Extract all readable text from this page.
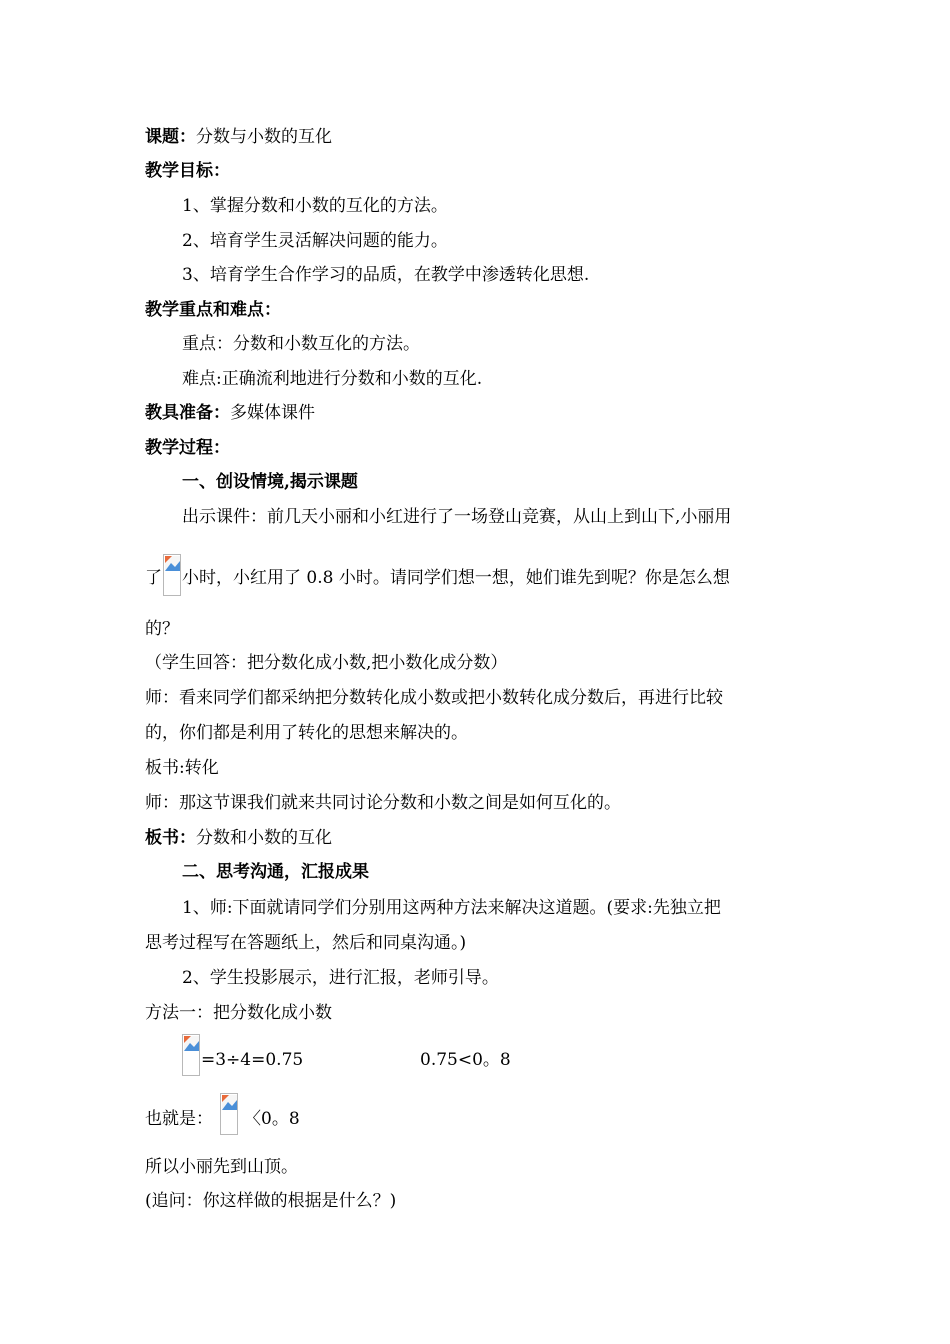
课题：分数与小数的互化
教学目标：
1、掌握分数和小数的互化的方法。
2、培育学生灵活解决问题的能力。
3、培育学生合作学习的品质，在教学中渗透转化思想.
教学重点和难点：
重点：分数和小数互化的方法。
难点:正确流利地进行分数和小数的互化.
教具准备：多媒体课件
教学过程：
一、创设情境,揭示课题
出示课件：前几天小丽和小红进行了一场登山竞赛，从山上到山下,小丽用
了 小时，小红用了 0.8 小时。请同学们想一想，她们谁先到呢？你是怎么想
的？
（学生回答：把分数化成小数,把小数化成分数）
师：看来同学们都采纳把分数转化成小数或把小数转化成分数后，再进行比较
的，你们都是利用了转化的思想来解决的。
板书:转化
师：那这节课我们就来共同讨论分数和小数之间是如何互化的。
板书：分数和小数的互化
二、思考沟通，汇报成果
1、师:下面就请同学们分别用这两种方法来解决这道题。(要求:先独立把
思考过程写在答题纸上，然后和同桌沟通。)
2、学生投影展示，进行汇报，老师引导。
方法一：把分数化成小数
=3÷4=0.75	0.75<0。8
也就是： 〈0。8
所以小丽先到山顶。
(追问：你这样做的根据是什么？)
